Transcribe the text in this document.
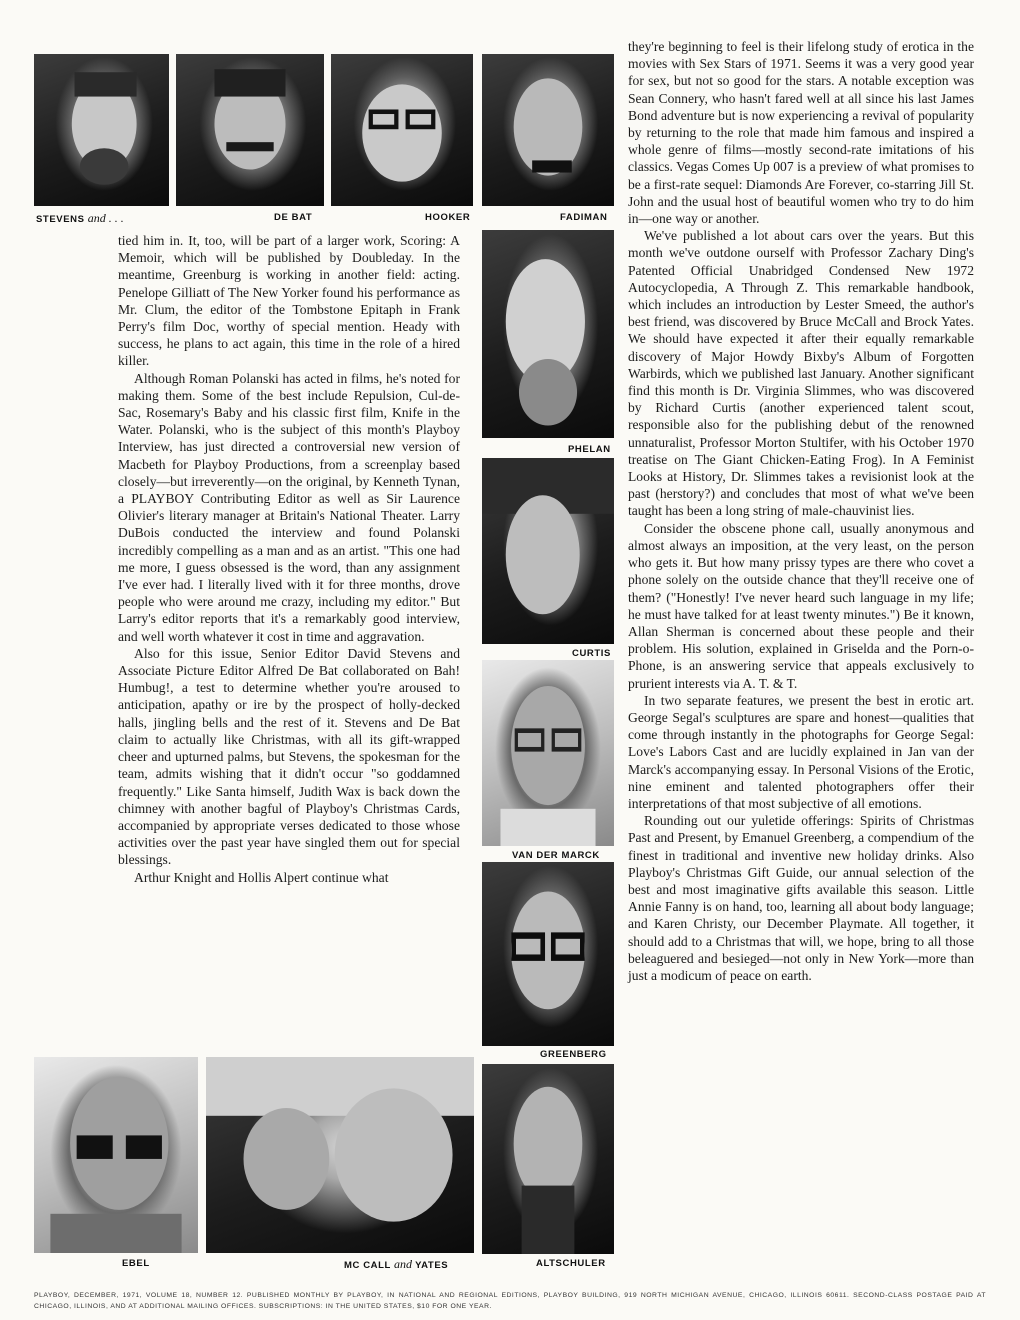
STEVENS and . . .	DE BAT	HOOKER	FADIMAN
PHELAN
CURTIS
VAN DER MARCK
GREENBERG
EBEL	MC CALL and YATES	ALTSCHULER

tied him in. It, too, will be part of a larger work, Scoring: A Memoir, which will be published by Doubleday. In the meantime, Greenburg is working in another field: acting. Penelope Gilliatt of The New Yorker found his performance as Mr. Clum, the editor of the Tombstone Epitaph in Frank Perry's film Doc, worthy of special mention. Heady with success, he plans to act again, this time in the role of a hired killer.

Although Roman Polanski has acted in films, he's noted for making them. Some of the best include Repulsion, Cul-de-Sac, Rosemary's Baby and his classic first film, Knife in the Water. Polanski, who is the subject of this month's Playboy Interview, has just directed a controversial new version of Macbeth for Playboy Productions, from a screenplay based closely—but irreverently—on the original, by Kenneth Tynan, a PLAYBOY Contributing Editor as well as Sir Laurence Olivier's literary manager at Britain's National Theater. Larry DuBois conducted the interview and found Polanski incredibly compelling as a man and as an artist. "This one had me more, I guess obsessed is the word, than any assignment I've ever had. I literally lived with it for three months, drove people who were around me crazy, including my editor." But Larry's editor reports that it's a remarkably good interview, and well worth whatever it cost in time and aggravation.

Also for this issue, Senior Editor David Stevens and Associate Picture Editor Alfred De Bat collaborated on Bah! Humbug!, a test to determine whether you're aroused to anticipation, apathy or ire by the prospect of holly-decked halls, jingling bells and the rest of it. Stevens and De Bat claim to actually like Christmas, with all its gift-wrapped cheer and upturned palms, but Stevens, the spokesman for the team, admits wishing that it didn't occur "so goddamned frequently." Like Santa himself, Judith Wax is back down the chimney with another bagful of Playboy's Christmas Cards, accompanied by appropriate verses dedicated to those whose activities over the past year have singled them out for special blessings.

Arthur Knight and Hollis Alpert continue what

they're beginning to feel is their lifelong study of erotica in the movies with Sex Stars of 1971. Seems it was a very good year for sex, but not so good for the stars. A notable exception was Sean Connery, who hasn't fared well at all since his last James Bond adventure but is now experiencing a revival of popularity by returning to the role that made him famous and inspired a whole genre of films—mostly second-rate imitations of his classics. Vegas Comes Up 007 is a preview of what promises to be a first-rate sequel: Diamonds Are Forever, co-starring Jill St. John and the usual host of beautiful women who try to do him in—one way or another.

We've published a lot about cars over the years. But this month we've outdone ourself with Professor Zachary Ding's Patented Official Unabridged Condensed New 1972 Autocyclopedia, A Through Z. This remarkable handbook, which includes an introduction by Lester Smeed, the author's best friend, was discovered by Bruce McCall and Brock Yates. We should have expected it after their equally remarkable discovery of Major Howdy Bixby's Album of Forgotten Warbirds, which we published last January. Another significant find this month is Dr. Virginia Slimmes, who was discovered by Richard Curtis (another experienced talent scout, responsible also for the publishing debut of the renowned unnaturalist, Professor Morton Stultifer, with his October 1970 treatise on The Giant Chicken-Eating Frog). In A Feminist Looks at History, Dr. Slimmes takes a revisionist look at the past (herstory?) and concludes that most of what we've been taught has been a long string of male-chauvinist lies.

Consider the obscene phone call, usually anonymous and almost always an imposition, at the very least, on the person who gets it. But how many prissy types are there who covet a phone solely on the outside chance that they'll receive one of them? ("Honestly! I've never heard such language in my life; he must have talked for at least twenty minutes.") Be it known, Allan Sherman is concerned about these people and their problem. His solution, explained in Griselda and the Porn-o-Phone, is an answering service that appeals exclusively to prurient interests via A. T. & T.

In two separate features, we present the best in erotic art. George Segal's sculptures are spare and honest—qualities that come through instantly in the photographs for George Segal: Love's Labors Cast and are lucidly explained in Jan van der Marck's accompanying essay. In Personal Visions of the Erotic, nine eminent and talented photographers offer their interpretations of that most subjective of all emotions.

Rounding out our yuletide offerings: Spirits of Christmas Past and Present, by Emanuel Greenberg, a compendium of the finest in traditional and inventive new holiday drinks. Also Playboy's Christmas Gift Guide, our annual selection of the best and most imaginative gifts available this season. Little Annie Fanny is on hand, too, learning all about body language; and Karen Christy, our December Playmate. All together, it should add to a Christmas that will, we hope, bring to all those beleaguered and besieged—not only in New York—more than just a modicum of peace on earth.

PLAYBOY, DECEMBER, 1971, VOLUME 18, NUMBER 12. PUBLISHED MONTHLY BY PLAYBOY, IN NATIONAL AND REGIONAL EDITIONS, PLAYBOY BUILDING, 919 NORTH MICHIGAN AVENUE, CHICAGO, ILLINOIS 60611. SECOND-CLASS POSTAGE PAID AT CHICAGO, ILLINOIS, AND AT ADDITIONAL MAILING OFFICES. SUBSCRIPTIONS: IN THE UNITED STATES, $10 FOR ONE YEAR.
